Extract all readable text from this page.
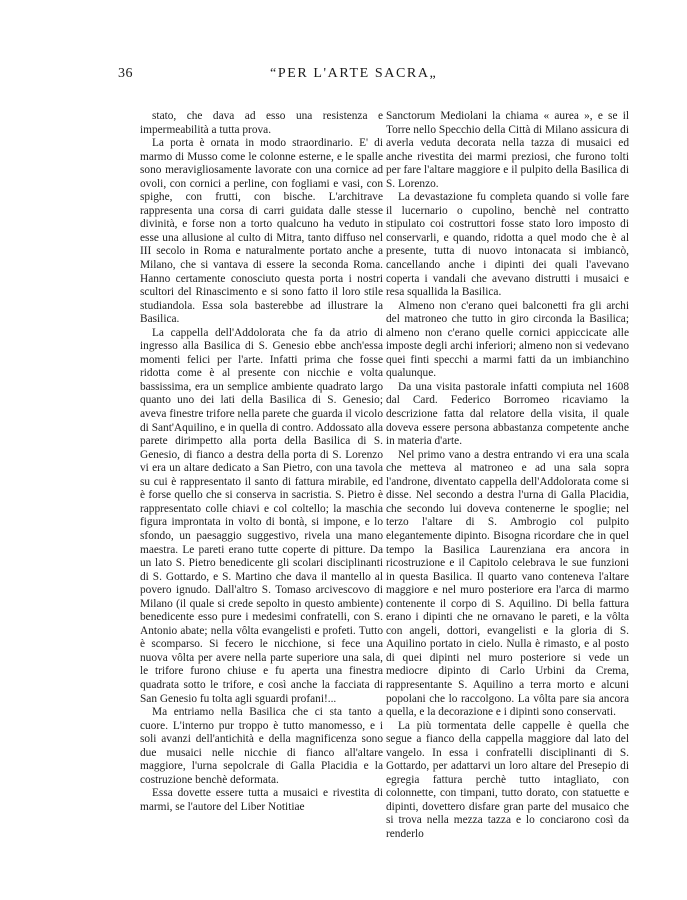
36	“PER L'ARTE SACRA„

stato, che dava ad esso una resistenza e impermeabilità a tutta prova.

La porta è ornata in modo straordinario. E' di marmo di Musso come le colonne esterne, e le spalle sono meravigliosamente lavorate con una cornice ad ovoli, con cornici a perline, con fogliami e vasi, con spighe, con frutti, con bische. L'architrave rappresenta una corsa di carri guidata dalle stesse divinità, e forse non a torto qualcuno ha veduto in esse una allusione al culto di Mitra, tanto diffuso nel III secolo in Roma e naturalmente portato anche a Milano, che si vantava di essere la seconda Roma. Hanno certamente conosciuto questa porta i nostri scultori del Rinascimento e si sono fatto il loro stile studiandola. Essa sola basterebbe ad illustrare la Basilica.

La cappella dell'Addolorata che fa da atrio di ingresso alla Basilica di S. Genesio ebbe anch'essa momenti felici per l'arte. Infatti prima che fosse ridotta come è al presente con nicchie e volta bassissima, era un semplice ambiente quadrato largo quanto uno dei lati della Basilica di S. Genesio; aveva finestre trifore nella parete che guarda il vicolo di Sant'Aquilino, e in quella di contro. Addossato alla parete dirimpetto alla porta della Basilica di S. Genesio, di fianco a destra della porta di S. Lorenzo vi era un altare dedicato a San Pietro, con una tavola su cui è rappresentato il santo di fattura mirabile, ed è forse quello che si conserva in sacristia. S. Pietro è rappresentato colle chiavi e col coltello; la maschia figura improntata in volto di bontà, si impone, e lo sfondo, un paesaggio suggestivo, rivela una mano maestra. Le pareti erano tutte coperte di pitture. Da un lato S. Pietro benedicente gli scolari disciplinanti di S. Gottardo, e S. Martino che dava il mantello al povero ignudo. Dall'altro S. Tomaso arcivescovo di Milano (il quale si crede sepolto in questo ambiente) benedicente esso pure i medesimi confratelli, con S. Antonio abate; nella vôlta evangelisti e profeti. Tutto è scomparso. Si fecero le nicchione, si fece una nuova vôlta per avere nella parte superiore una sala, le trifore furono chiuse e fu aperta una finestra quadrata sotto le trifore, e così anche la facciata di San Genesio fu tolta agli sguardi profani!...

Ma entriamo nella Basilica che ci sta tanto a cuore. L'interno pur troppo è tutto manomesso, e i soli avanzi dell'antichità e della magnificenza sono due musaici nelle nicchie di fianco all'altare maggiore, l'urna sepolcrale di Galla Placidia e la costruzione benchè deformata.

Essa dovette essere tutta a musaici e rivestita di marmi, se l'autore del Liber Notitiae

Sanctorum Mediolani la chiama « aurea », e se il Torre nello Specchio della Città di Milano assicura di averla veduta decorata nella tazza di musaici ed anche rivestita dei marmi preziosi, che furono tolti per fare l'altare maggiore e il pulpito della Basilica di S. Lorenzo.

La devastazione fu completa quando si volle fare il lucernario o cupolino, benchè nel contratto stipulato coi costruttori fosse stato loro imposto di conservarli, e quando, ridotta a quel modo che è al presente, tutta di nuovo intonacata si imbiancò, cancellando anche i dipinti dei quali l'avevano coperta i vandali che avevano distrutti i musaici e resa squallida la Basilica.

Almeno non c'erano quei balconetti fra gli archi del matroneo che tutto in giro circonda la Basilica; almeno non c'erano quelle cornici appiccicate alle imposte degli archi inferiori; almeno non si vedevano quei finti specchi a marmi fatti da un imbianchino qualunque.

Da una visita pastorale infatti compiuta nel 1608 dal Card. Federico Borromeo ricaviamo la descrizione fatta dal relatore della visita, il quale doveva essere persona abbastanza competente anche in materia d'arte.

Nel primo vano a destra entrando vi era una scala che metteva al matroneo e ad una sala sopra l'androne, diventato cappella dell'Addolorata come si disse. Nel secondo a destra l'urna di Galla Placidia, che secondo lui doveva contenerne le spoglie; nel terzo l'altare di S. Ambrogio col pulpito elegantemente dipinto. Bisogna ricordare che in quel tempo la Basilica Laurenziana era ancora in ricostruzione e il Capitolo celebrava le sue funzioni in questa Basilica. Il quarto vano conteneva l'altare maggiore e nel muro posteriore era l'arca di marmo contenente il corpo di S. Aquilino. Di bella fattura erano i dipinti che ne ornavano le pareti, e la vôlta con angeli, dottori, evangelisti e la gloria di S. Aquilino portato in cielo. Nulla è rimasto, e al posto di quei dipinti nel muro posteriore si vede un mediocre dipinto di Carlo Urbini da Crema, rappresentante S. Aquilino a terra morto e alcuni popolani che lo raccolgono. La vôlta pare sia ancora quella, e la decorazione e i dipinti sono conservati.

La più tormentata delle cappelle è quella che segue a fianco della cappella maggiore dal lato del vangelo. In essa i confratelli disciplinanti di S. Gottardo, per adattarvi un loro altare del Presepio di egregia fattura perchè tutto intagliato, con colonnette, con timpani, tutto dorato, con statuette e dipinti, dovettero disfare gran parte del musaico che si trova nella mezza tazza e lo conciarono così da renderlo
